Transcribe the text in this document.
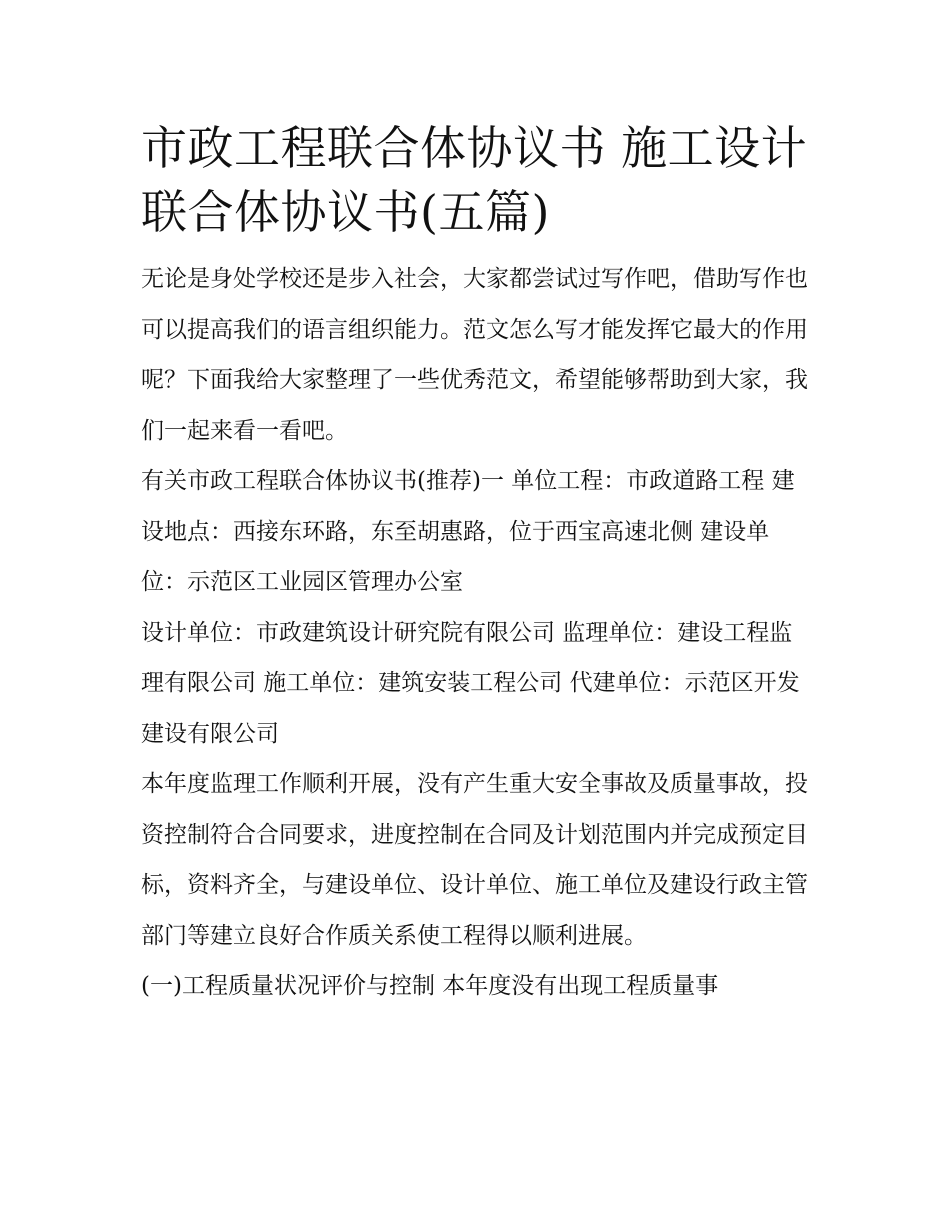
市政工程联合体协议书 施工设计联合体协议书(五篇)

无论是身处学校还是步入社会，大家都尝试过写作吧，借助写作也可以提高我们的语言组织能力。范文怎么写才能发挥它最大的作用呢？下面我给大家整理了一些优秀范文，希望能够帮助到大家，我们一起来看一看吧。

有关市政工程联合体协议书(推荐)一 单位工程：市政道路工程 建设地点：西接东环路，东至胡惠路，位于西宝高速北侧 建设单位：示范区工业园区管理办公室

设计单位：市政建筑设计研究院有限公司 监理单位：建设工程监理有限公司 施工单位：建筑安装工程公司 代建单位：示范区开发建设有限公司

本年度监理工作顺利开展，没有产生重大安全事故及质量事故，投资控制符合合同要求，进度控制在合同及计划范围内并完成预定目标，资料齐全，与建设单位、设计单位、施工单位及建设行政主管部门等建立良好合作质关系使工程得以顺利进展。

(一)工程质量状况评价与控制 本年度没有出现工程质量事
